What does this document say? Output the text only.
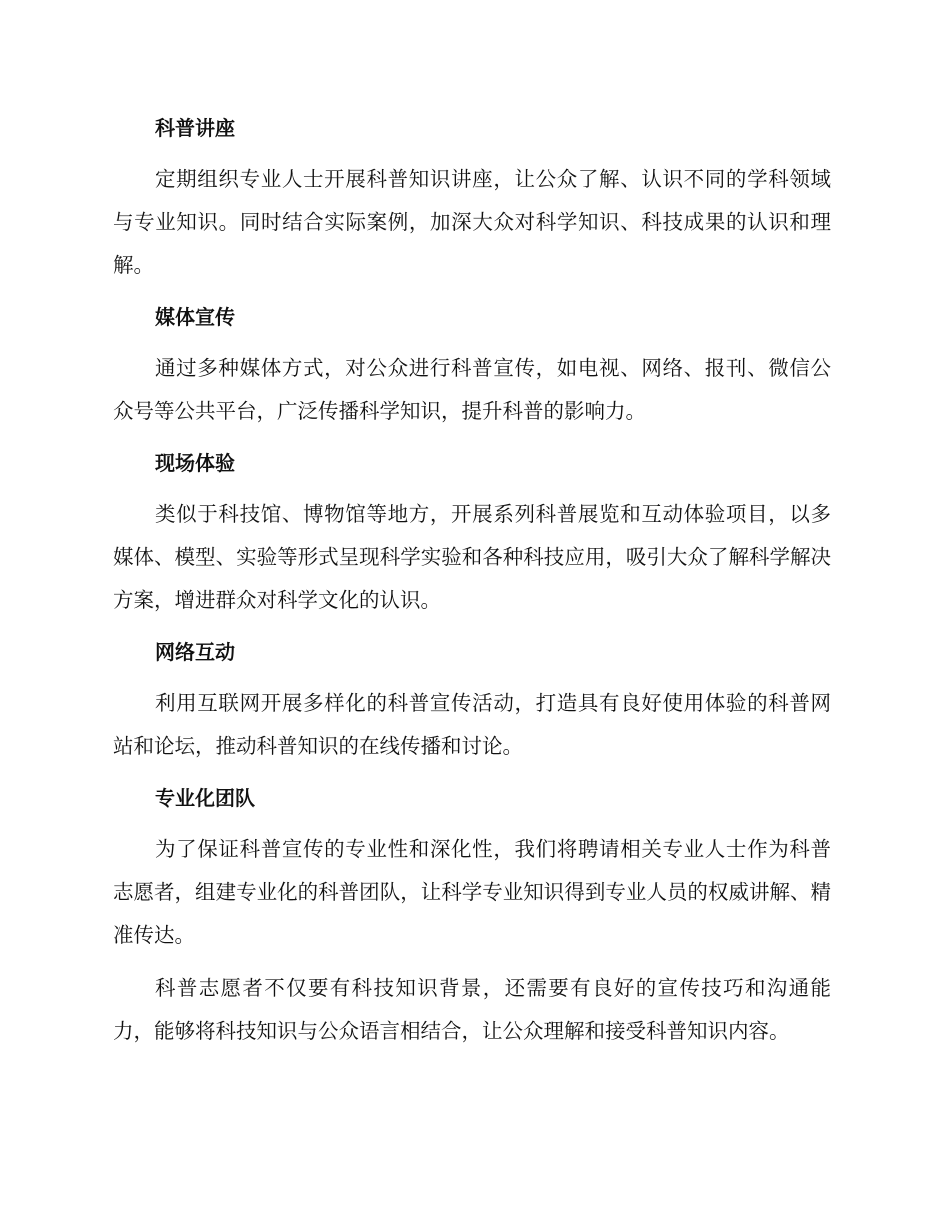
科普讲座

定期组织专业人士开展科普知识讲座，让公众了解、认识不同的学科领域与专业知识。同时结合实际案例，加深大众对科学知识、科技成果的认识和理解。

媒体宣传

通过多种媒体方式，对公众进行科普宣传，如电视、网络、报刊、微信公众号等公共平台，广泛传播科学知识，提升科普的影响力。

现场体验

类似于科技馆、博物馆等地方，开展系列科普展览和互动体验项目，以多媒体、模型、实验等形式呈现科学实验和各种科技应用，吸引大众了解科学解决方案，增进群众对科学文化的认识。

网络互动

利用互联网开展多样化的科普宣传活动，打造具有良好使用体验的科普网站和论坛，推动科普知识的在线传播和讨论。

专业化团队

为了保证科普宣传的专业性和深化性，我们将聘请相关专业人士作为科普志愿者，组建专业化的科普团队，让科学专业知识得到专业人员的权威讲解、精准传达。

科普志愿者不仅要有科技知识背景，还需要有良好的宣传技巧和沟通能力，能够将科技知识与公众语言相结合，让公众理解和接受科普知识内容。
